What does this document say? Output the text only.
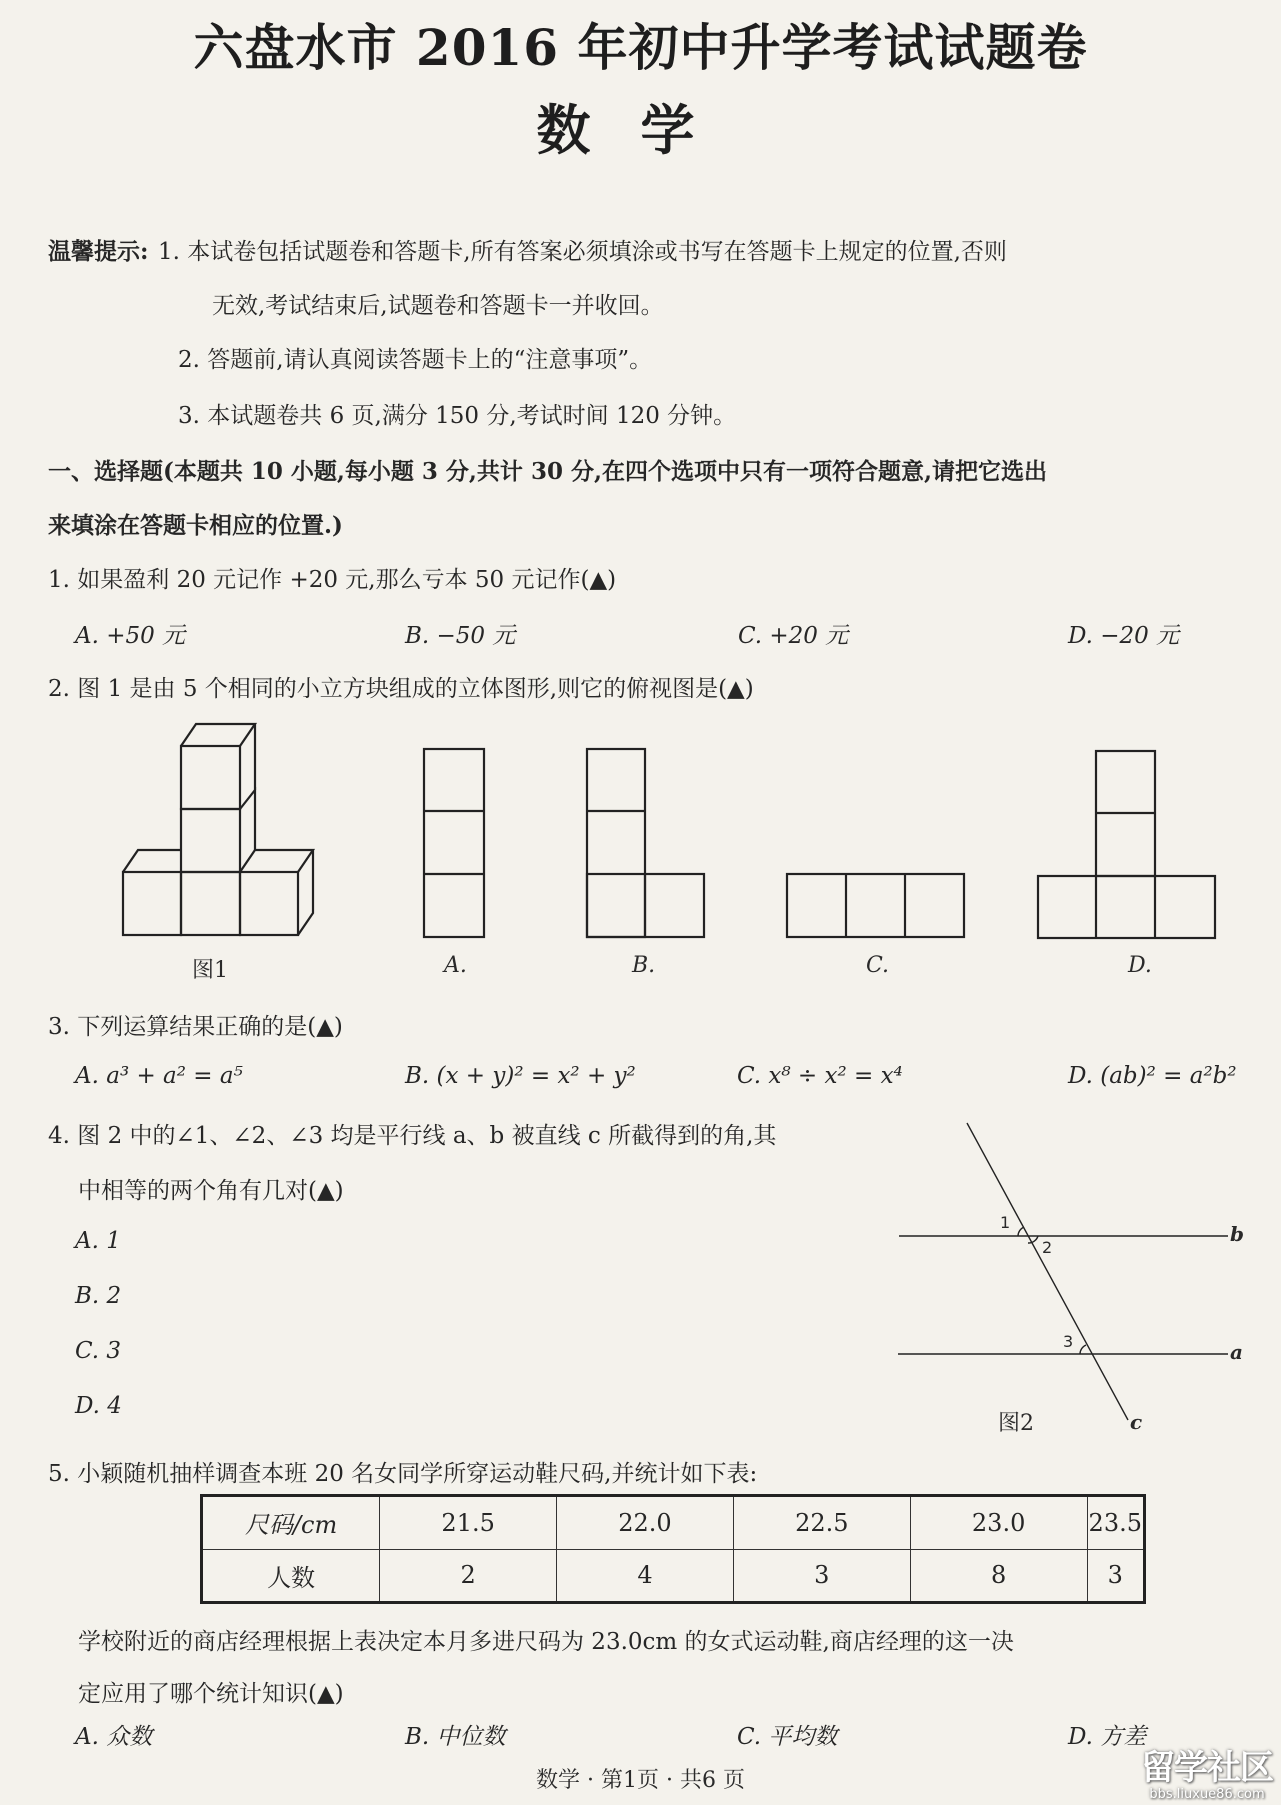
六盘水市 2016 年初中升学考试试题卷
数学
温馨提示: 1. 本试卷包括试题卷和答题卡,所有答案必须填涂或书写在答题卡上规定的位置,否则
无效,考试结束后,试题卷和答题卡一并收回。
2. 答题前,请认真阅读答题卡上的“注意事项”。
3. 本试题卷共 6 页,满分 150 分,考试时间 120 分钟。
一、选择题(本题共 10 小题,每小题 3 分,共计 30 分,在四个选项中只有一项符合题意,请把它选出
来填涂在答题卡相应的位置.)
1. 如果盈利 20 元记作 +20 元,那么亏本 50 元记作(▲)
A. +50 元	B. −50 元	C. +20 元	D. −20 元
2. 图 1 是由 5 个相同的小立方块组成的立体图形,则它的俯视图是(▲)
图1	A.	B.	C.	D.
3. 下列运算结果正确的是(▲)
A. a³ + a² = a⁵	B. (x + y)² = x² + y²	C. x⁸ ÷ x² = x⁴	D. (ab)² = a²b²
4. 图 2 中的∠1、∠2、∠3 均是平行线 a、b 被直线 c 所截得到的角,其
中相等的两个角有几对(▲)
A. 1
B. 2
C. 3
D. 4
1
2
3
b
a
c
图2
5. 小颖随机抽样调查本班 20 名女同学所穿运动鞋尺码,并统计如下表:
尺码/cm	21.5	22.0	22.5	23.0	23.5
人数	2	4	3	8	3
学校附近的商店经理根据上表决定本月多进尺码为 23.0cm 的女式运动鞋,商店经理的这一决
定应用了哪个统计知识(▲)
A. 众数	B. 中位数	C. 平均数	D. 方差
数学 · 第1页 · 共6 页	留学社区
bbs.liuxue86.com
